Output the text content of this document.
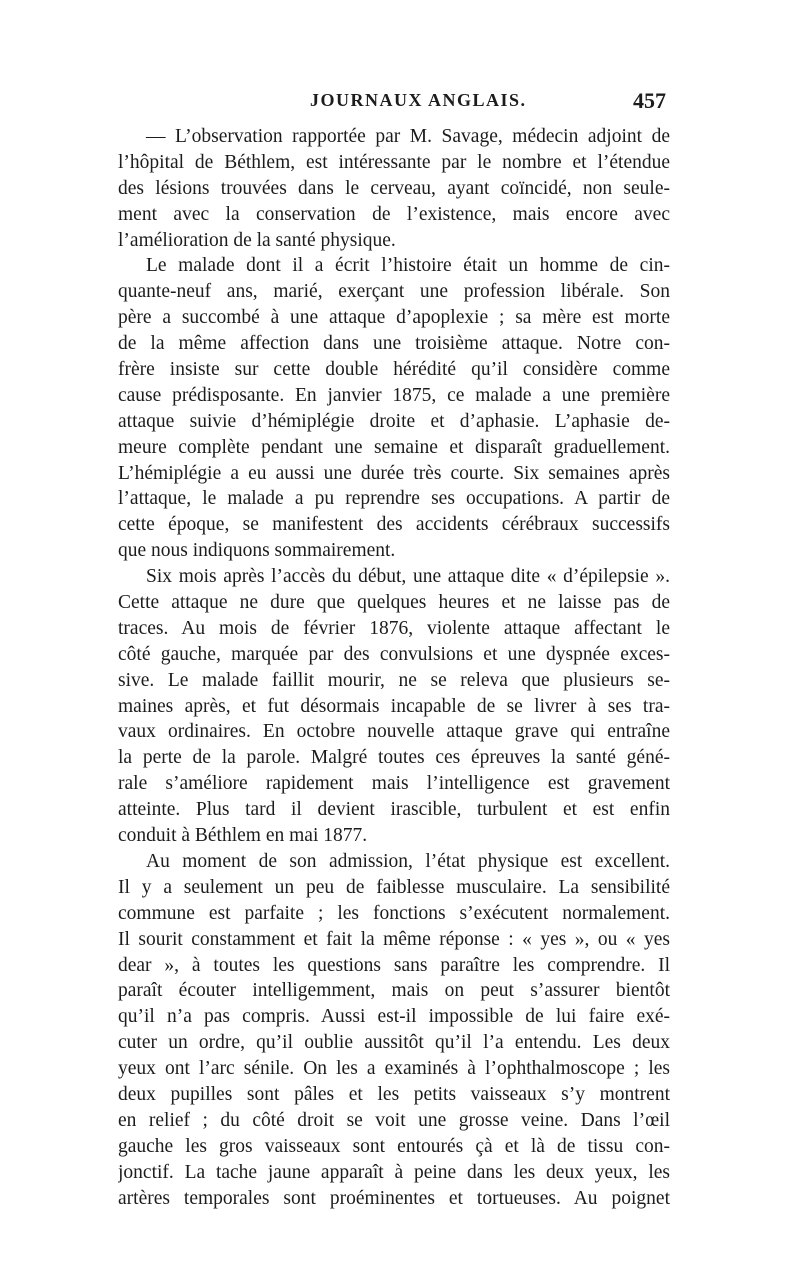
JOURNAUX ANGLAIS.	457
— L’observation rapportée par M. Savage, médecin adjoint de
l’hôpital de Béthlem, est intéressante par le nombre et l’étendue
des lésions trouvées dans le cerveau, ayant coïncidé, non seule-
ment avec la conservation de l’existence, mais encore avec
l’amélioration de la santé physique.
Le malade dont il a écrit l’histoire était un homme de cin-
quante-neuf ans, marié, exerçant une profession libérale. Son
père a succombé à une attaque d’apoplexie ; sa mère est morte
de la même affection dans une troisième attaque. Notre con-
frère insiste sur cette double hérédité qu’il considère comme
cause prédisposante. En janvier 1875, ce malade a une première
attaque suivie d’hémiplégie droite et d’aphasie. L’aphasie de-
meure complète pendant une semaine et disparaît graduellement.
L’hémiplégie a eu aussi une durée très courte. Six semaines après
l’attaque, le malade a pu reprendre ses occupations. A partir de
cette époque, se manifestent des accidents cérébraux successifs
que nous indiquons sommairement.
Six mois après l’accès du début, une attaque dite « d’épilepsie ».
Cette attaque ne dure que quelques heures et ne laisse pas de
traces. Au mois de février 1876, violente attaque affectant le
côté gauche, marquée par des convulsions et une dyspnée exces-
sive. Le malade faillit mourir, ne se releva que plusieurs se-
maines après, et fut désormais incapable de se livrer à ses tra-
vaux ordinaires. En octobre nouvelle attaque grave qui entraîne
la perte de la parole. Malgré toutes ces épreuves la santé géné-
rale s’améliore rapidement mais l’intelligence est gravement
atteinte. Plus tard il devient irascible, turbulent et est enfin
conduit à Béthlem en mai 1877.
Au moment de son admission, l’état physique est excellent.
Il y a seulement un peu de faiblesse musculaire. La sensibilité
commune est parfaite ; les fonctions s’exécutent normalement.
Il sourit constamment et fait la même réponse : « yes », ou « yes
dear », à toutes les questions sans paraître les comprendre. Il
paraît écouter intelligemment, mais on peut s’assurer bientôt
qu’il n’a pas compris. Aussi est-il impossible de lui faire exé-
cuter un ordre, qu’il oublie aussitôt qu’il l’a entendu. Les deux
yeux ont l’arc sénile. On les a examinés à l’ophthalmoscope ; les
deux pupilles sont pâles et les petits vaisseaux s’y montrent
en relief ; du côté droit se voit une grosse veine. Dans l’œil
gauche les gros vaisseaux sont entourés çà et là de tissu con-
jonctif. La tache jaune apparaît à peine dans les deux yeux, les
artères temporales sont proéminentes et tortueuses. Au poignet
